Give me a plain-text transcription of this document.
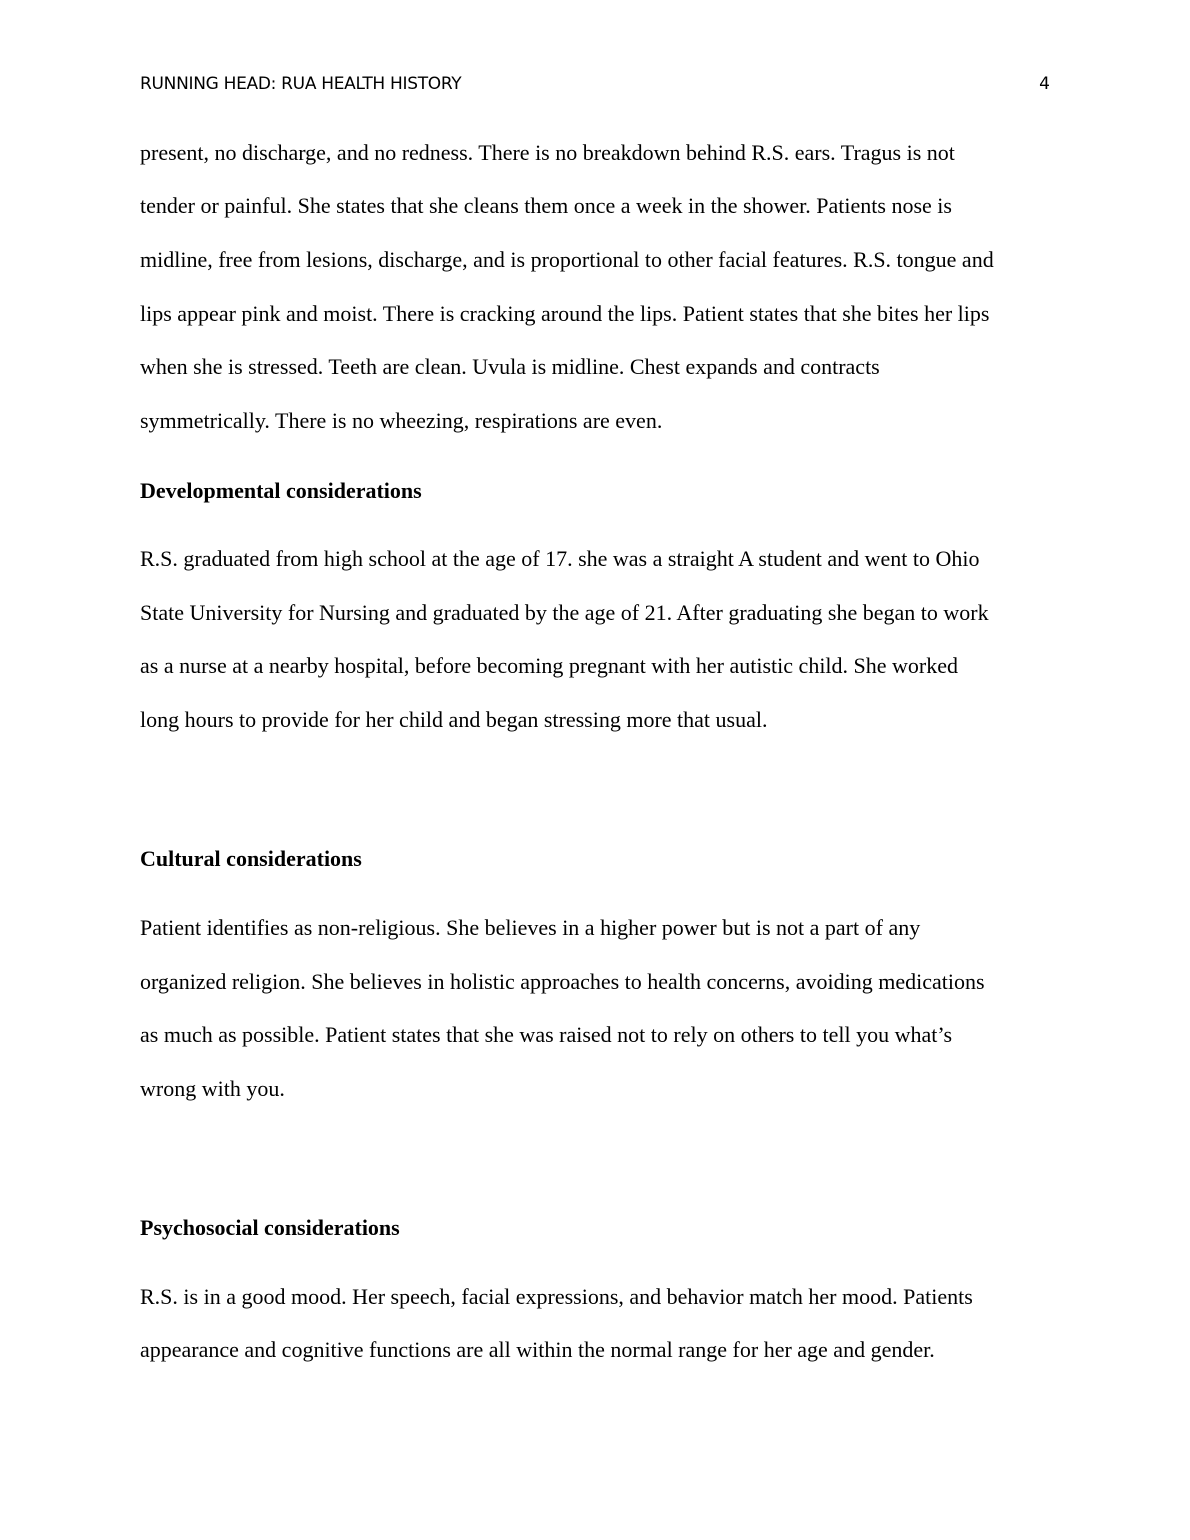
RUNNING HEAD: RUA HEALTH HISTORY	4
present, no discharge, and no redness. There is no breakdown behind R.S. ears. Tragus is not
tender or painful. She states that she cleans them once a week in the shower. Patients nose is
midline, free from lesions, discharge, and is proportional to other facial features. R.S. tongue and
lips appear pink and moist. There is cracking around the lips. Patient states that she bites her lips
when she is stressed. Teeth are clean. Uvula is midline. Chest expands and contracts
symmetrically. There is no wheezing, respirations are even.
Developmental considerations
R.S. graduated from high school at the age of 17. she was a straight A student and went to Ohio
State University for Nursing and graduated by the age of 21. After graduating she began to work
as a nurse at a nearby hospital, before becoming pregnant with her autistic child. She worked
long hours to provide for her child and began stressing more that usual.
Cultural considerations
Patient identifies as non-religious. She believes in a higher power but is not a part of any
organized religion. She believes in holistic approaches to health concerns, avoiding medications
as much as possible. Patient states that she was raised not to rely on others to tell you what’s
wrong with you.
Psychosocial considerations
R.S. is in a good mood. Her speech, facial expressions, and behavior match her mood. Patients
appearance and cognitive functions are all within the normal range for her age and gender.
